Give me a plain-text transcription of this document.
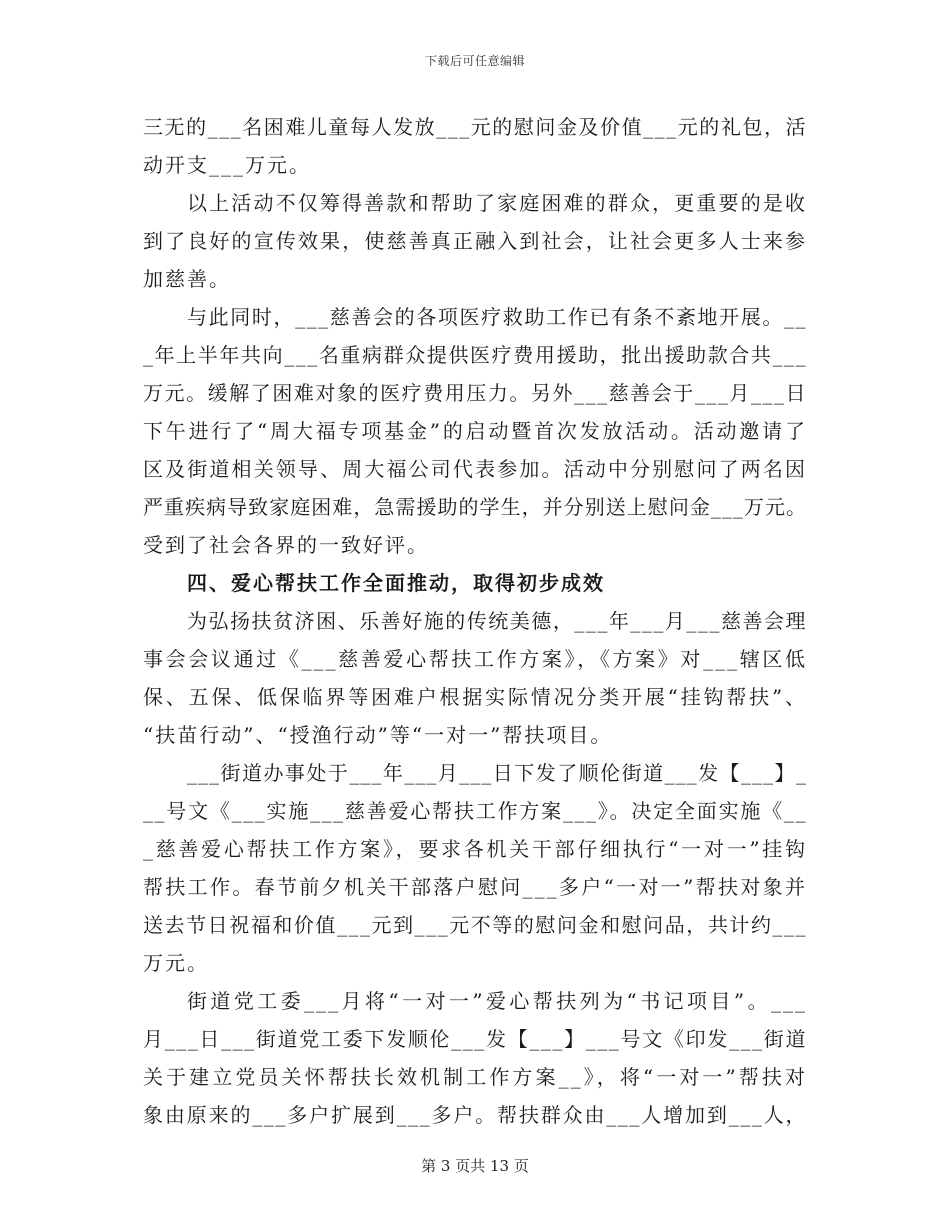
下载后可任意编辑
三无的___名困难儿童每人发放___元的慰问金及价值___元的礼包，活
动开支___万元。
以上活动不仅筹得善款和帮助了家庭困难的群众，更重要的是收
到了良好的宣传效果，使慈善真正融入到社会，让社会更多人士来参
加慈善。
与此同时，___慈善会的各项医疗救助工作已有条不紊地开展。__
_年上半年共向___名重病群众提供医疗费用援助，批出援助款合共___
万元。缓解了困难对象的医疗费用压力。另外___慈善会于___月___日
下午进行了“周大福专项基金”的启动暨首次发放活动。活动邀请了
区及街道相关领导、周大福公司代表参加。活动中分别慰问了两名因
严重疾病导致家庭困难，急需援助的学生，并分别送上慰问金___万元。
受到了社会各界的一致好评。
四、爱心帮扶工作全面推动，取得初步成效
为弘扬扶贫济困、乐善好施的传统美德，___年___月___慈善会理
事会会议通过《___慈善爱心帮扶工作方案》，《方案》对___辖区低
保、五保、低保临界等困难户根据实际情况分类开展“挂钩帮扶”、
“扶苗行动”、“授渔行动”等“一对一”帮扶项目。
___街道办事处于___年___月___日下发了顺伦街道___发【___】_
__号文《___实施___慈善爱心帮扶工作方案___》。决定全面实施《__
_慈善爱心帮扶工作方案》，要求各机关干部仔细执行“一对一”挂钩
帮扶工作。春节前夕机关干部落户慰问___多户“一对一”帮扶对象并
送去节日祝福和价值___元到___元不等的慰问金和慰问品，共计约___
万元。
街道党工委___月将“一对一”爱心帮扶列为“书记项目”。___
月___日___街道党工委下发顺伦___发【___】___号文《印发___街道
关于建立党员关怀帮扶长效机制工作方案__》，将“一对一”帮扶对
象由原来的___多户扩展到___多户。帮扶群众由___人增加到___人，
第 3 页共 13 页
